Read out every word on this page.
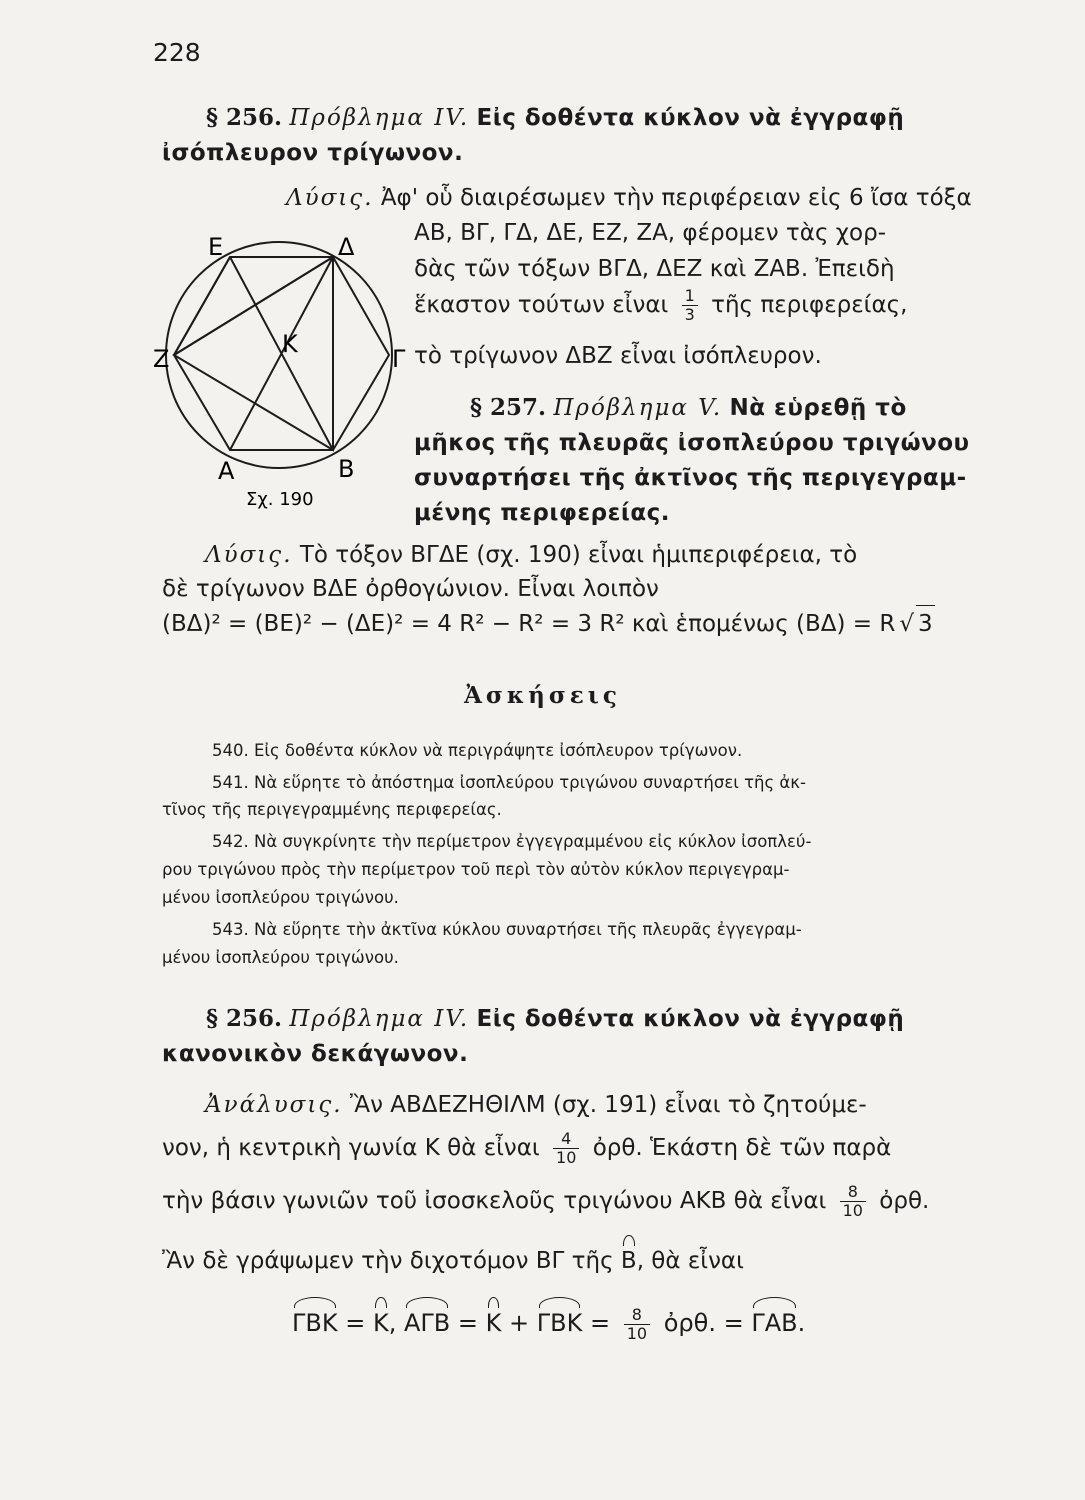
228
§ 256. Πρόβλημα IV. Εἰς δοθέντα κύκλον νὰ ἐγγραφῇ
ἰσόπλευρον τρίγωνον.
Λύσις. Ἀφ' οὗ διαιρέσωμεν τὴν περιφέρειαν εἰς 6 ἴσα τόξα
ΑΒ, ΒΓ, ΓΔ, ΔΕ, ΕΖ, ΖΑ, φέρομεν τὰς χορ-
δὰς τῶν τόξων ΒΓΔ, ΔΕΖ καὶ ΖΑΒ. Ἐπειδὴ
ἕκαστον τούτων εἶναι $\frac{1}{3}$ τῆς περιφερείας,
τὸ τρίγωνον ΔΒΖ εἶναι ἰσόπλευρον.
Ε	Δ
Ζ	Γ
Κ
Α	Β
Σχ. 190
§ 257. Πρόβλημα V. Νὰ εὑρεθῇ τὸ
μῆκος τῆς πλευρᾶς ἰσοπλεύρου τριγώνου
συναρτήσει τῆς ἀκτῖνος τῆς περιγεγραμ-
μένης περιφερείας.
Λύσις. Τὸ τόξον ΒΓΔΕ (σχ. 190) εἶναι ἡμιπεριφέρεια, τὸ
δὲ τρίγωνον ΒΔΕ ὀρθογώνιον. Εἶναι λοιπὸν
(ΒΔ)² = (ΒΕ)² − (ΔΕ)² = 4 R² − R² = 3 R² καὶ ἑπομένως (ΒΔ) = R √ 3
Ἀσκήσεις
540. Εἰς δοθέντα κύκλον νὰ περιγράψητε ἰσόπλευρον τρίγωνον.
541. Νὰ εὕρητε τὸ ἀπόστημα ἰσοπλεύρου τριγώνου συναρτήσει τῆς ἀκ-
τῖνος τῆς περιγεγραμμένης περιφερείας.
542. Νὰ συγκρίνητε τὴν περίμετρον ἐγγεγραμμένου εἰς κύκλον ἰσοπλεύ-
ρου τριγώνου πρὸς τὴν περίμετρον τοῦ περὶ τὸν αὐτὸν κύκλον περιγεγραμ-
μένου ἰσοπλεύρου τριγώνου.
543. Νὰ εὕρητε τὴν ἀκτῖνα κύκλου συναρτήσει τῆς πλευρᾶς ἐγγεγραμ-
μένου ἰσοπλεύρου τριγώνου.
§ 256. Πρόβλημα IV. Εἰς δοθέντα κύκλον νὰ ἐγγραφῇ
κανονικὸν δεκάγωνον.
Ἀνάλυσις. Ἂν ΑΒΔΕΖΗΘΙΛΜ (σχ. 191) εἶναι τὸ ζητούμε-
νον, ἡ κεντρικὴ γωνία Κ θὰ εἶναι $\frac{4}{10}$ ὀρθ. Ἑκάστη δὲ τῶν παρὰ
τὴν βάσιν γωνιῶν τοῦ ἰσοσκελοῦς τριγώνου ΑΚΒ θὰ εἶναι $\frac{8}{10}$ ὀρθ.
Ἂν δὲ γράψωμεν τὴν διχοτόμον ΒΓ τῆς Β, θὰ εἶναι
ΓΒΚ = Κ, $A\Gamma B = K + \Gamma BK = \frac{8}{10}$ ὀρθ. = ΓΑΒ.
